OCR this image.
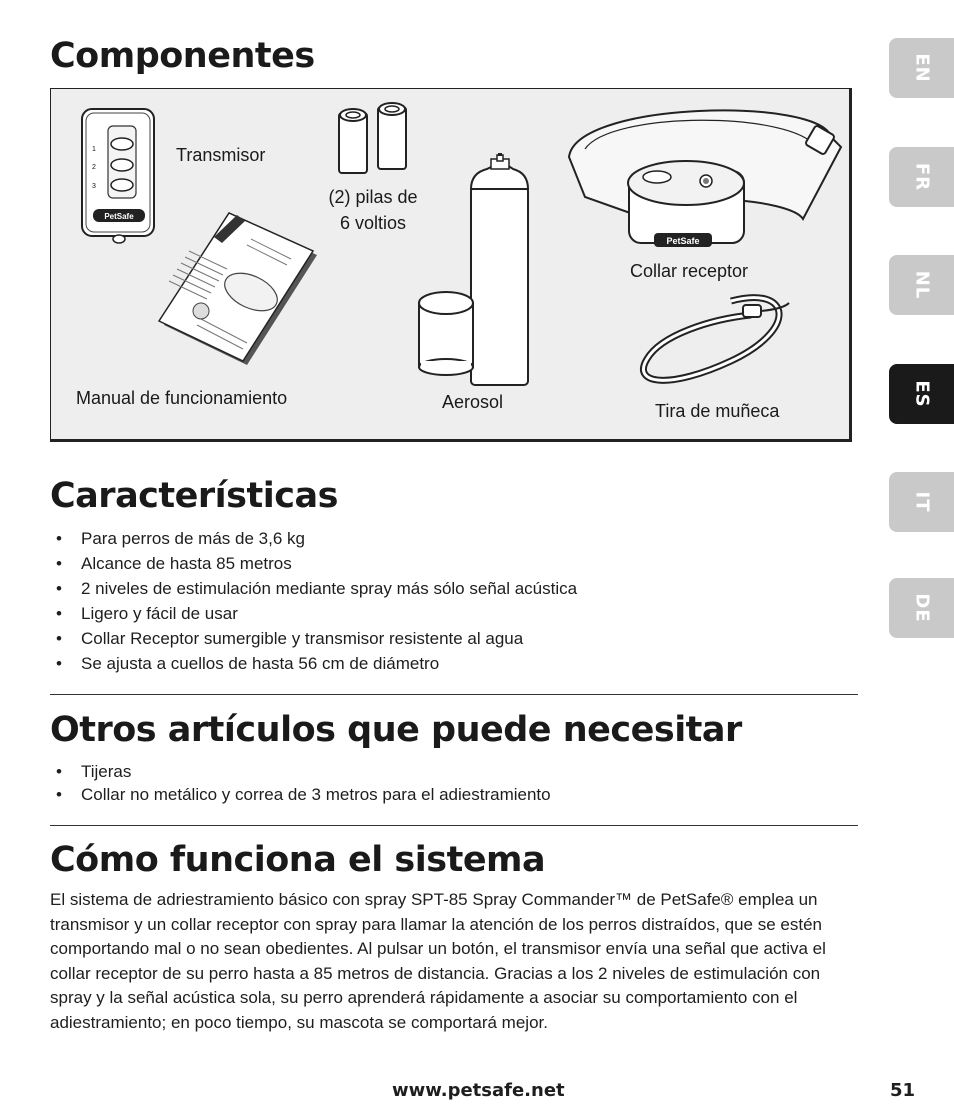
Componentes
1
2
3
PetSafe
PetSafe
Transmisor
(2) pilas de
6 voltios
Collar receptor
Manual de funcionamiento	Aerosol	Tira de muñeca
Características
• Para perros de más de 3,6 kg
• Alcance de hasta 85 metros
• 2 niveles de estimulación mediante spray más sólo señal acústica
• Ligero y fácil de usar
• Collar Receptor sumergible y transmisor resistente al agua
• Se ajusta a cuellos de hasta 56 cm de diámetro
Otros artículos que puede necesitar
• Tijeras
• Collar no metálico y correa de 3 metros para el adiestramiento
Cómo funciona el sistema

El sistema de adriestramiento básico con spray SPT-85 Spray Commander™ de PetSafe® emplea un transmisor y un collar receptor con spray para llamar la atención de los perros distraídos, que se estén comportando mal o no sean obedientes. Al pulsar un botón, el transmisor envía una señal que activa el collar receptor de su perro hasta a 85 metros de distancia. Gracias a los 2 niveles de estimulación con spray y la señal acústica sola, su perro aprenderá rápidamente a asociar su comportamiento con el adiestramiento; en poco tiempo, su mascota se comportará mejor.

EN
FR
NL
ES
IT
DE
www.petsafe.net	51
